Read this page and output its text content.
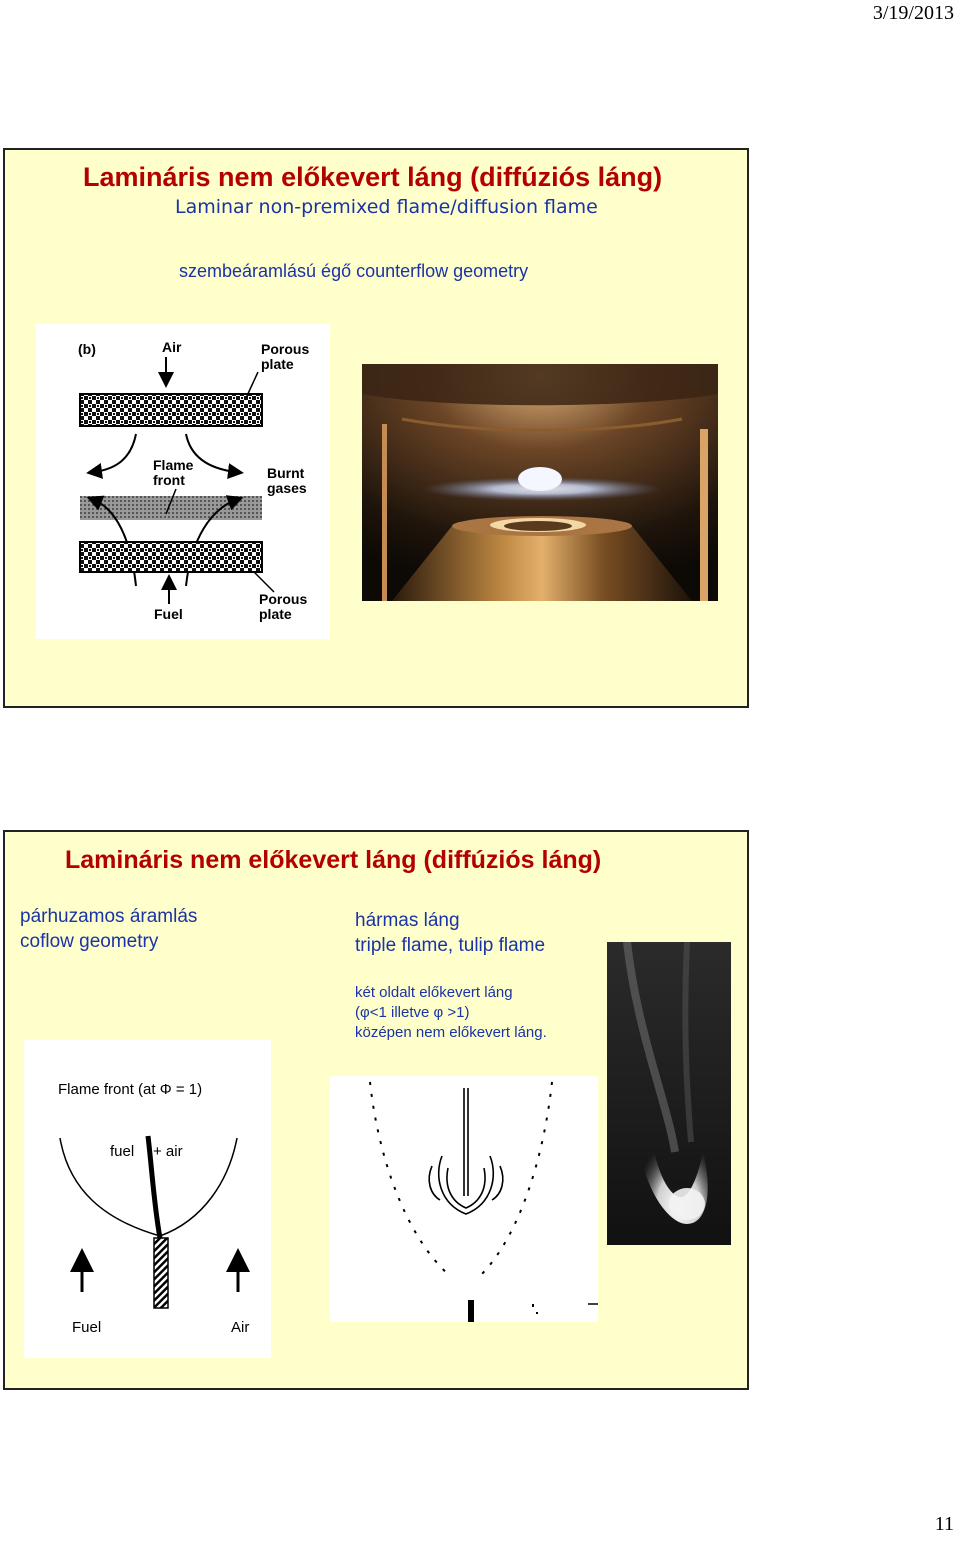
3/19/2013
Lamináris nem előkevert láng (diffúziós láng)
Laminar non-premixed flame/diffusion flame
szembeáramlású égő counterflow geometry
(b)	Air	Porous
plate
Flame
front	Burnt
gases
Fuel
Porous
plate
Lamináris nem előkevert láng (diffúziós láng)
párhuzamos áramlás
coflow geometry
hármas láng
triple flame, tulip flame
két oldalt előkevert láng
(φ<1 illetve φ >1)
középen nem előkevert láng.
Flame front (at Φ = 1)
fuel + air
Fuel	Air
11
